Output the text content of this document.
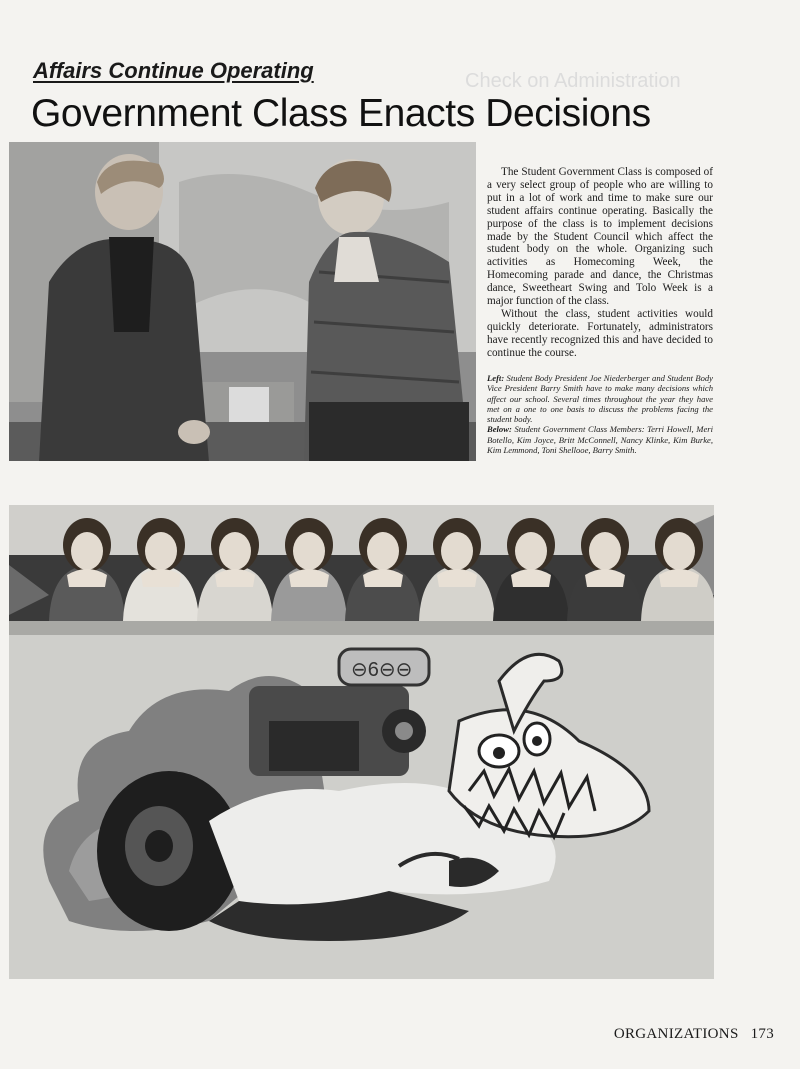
Affairs Continue Operating
Government Class Enacts Decisions
Check on Administration

The Student Government Class is composed of a very select group of people who are willing to put in a lot of work and time to make sure our student affairs continue operating. Basically the purpose of the class is to implement decisions made by the Student Council which affect the student body on the whole. Organizing such activities as Homecoming Week, the Homecoming parade and dance, the Christmas dance, Sweetheart Swing and Tolo Week is a major function of the class.

Without the class, student activities would quickly deteriorate. Fortunately, administrators have recently recognized this and have decided to continue the course.

Left: Student Body President Joe Niederberger and Student Body Vice President Barry Smith have to make many decisions which affect our school. Several times throughout the year they have met on a one to one basis to discuss the problems facing the student body.

Below: Student Government Class Members: Terri Howell, Meri Botello, Kim Joyce, Britt McConnell, Nancy Klinke, Kim Burke, Kim Lemmond, Toni Shellooe, Barry Smith.

⊖6⊖⊖
ORGANIZATIONS 173
